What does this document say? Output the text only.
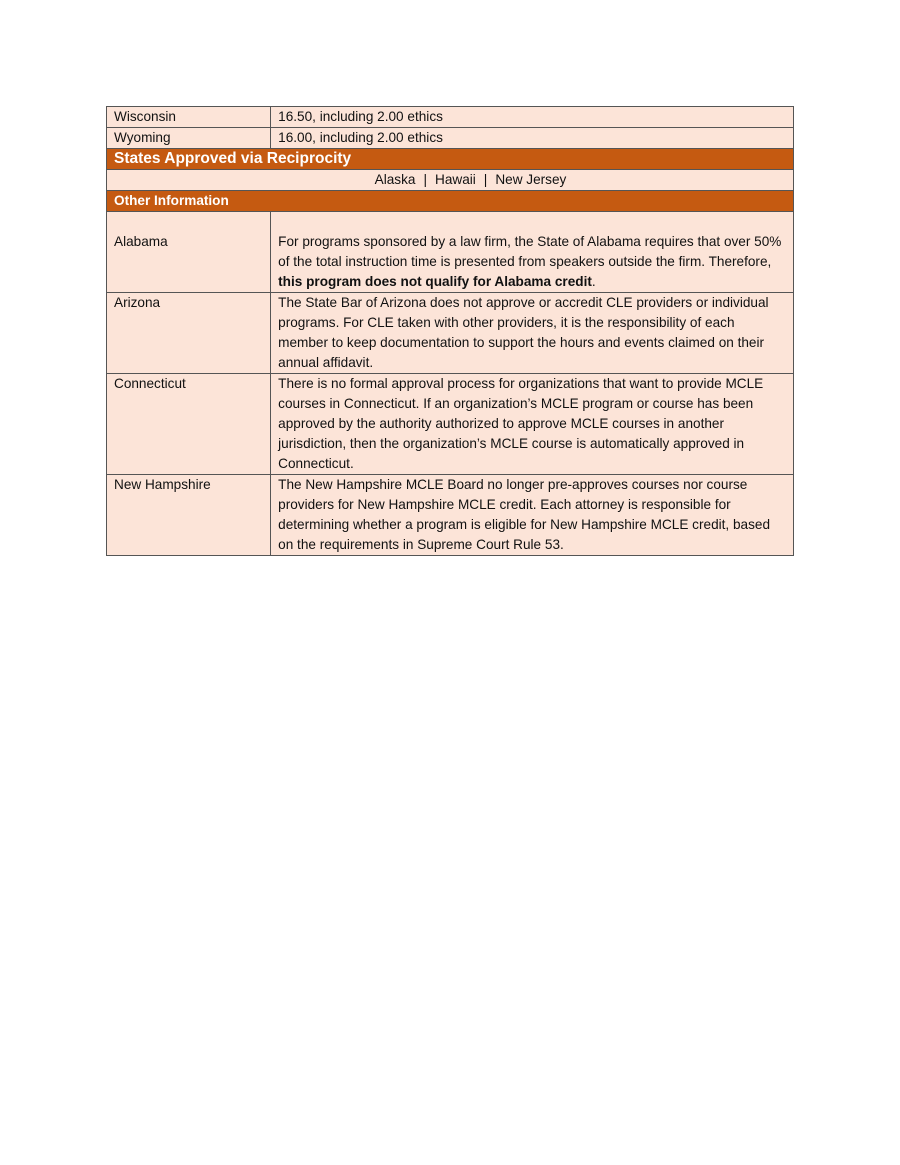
Wisconsin	16.50, including 2.00 ethics
Wyoming	16.00, including 2.00 ethics
States Approved via Reciprocity	
Alaska | Hawaii | New Jersey	
Other Information	
Alabama	For programs sponsored by a law firm, the State of Alabama requires that over 50% of the total instruction time is presented from speakers outside the firm. Therefore, this program does not qualify for Alabama credit.
Arizona	The State Bar of Arizona does not approve or accredit CLE providers or individual programs. For CLE taken with other providers, it is the responsibility of each member to keep documentation to support the hours and events claimed on their annual affidavit.
Connecticut	There is no formal approval process for organizations that want to provide MCLE courses in Connecticut. If an organization’s MCLE program or course has been approved by the authority authorized to approve MCLE courses in another jurisdiction, then the organization’s MCLE course is automatically approved in Connecticut.
New Hampshire	The New Hampshire MCLE Board no longer pre-approves courses nor course providers for New Hampshire MCLE credit. Each attorney is responsible for determining whether a program is eligible for New Hampshire MCLE credit, based on the requirements in Supreme Court Rule 53.
